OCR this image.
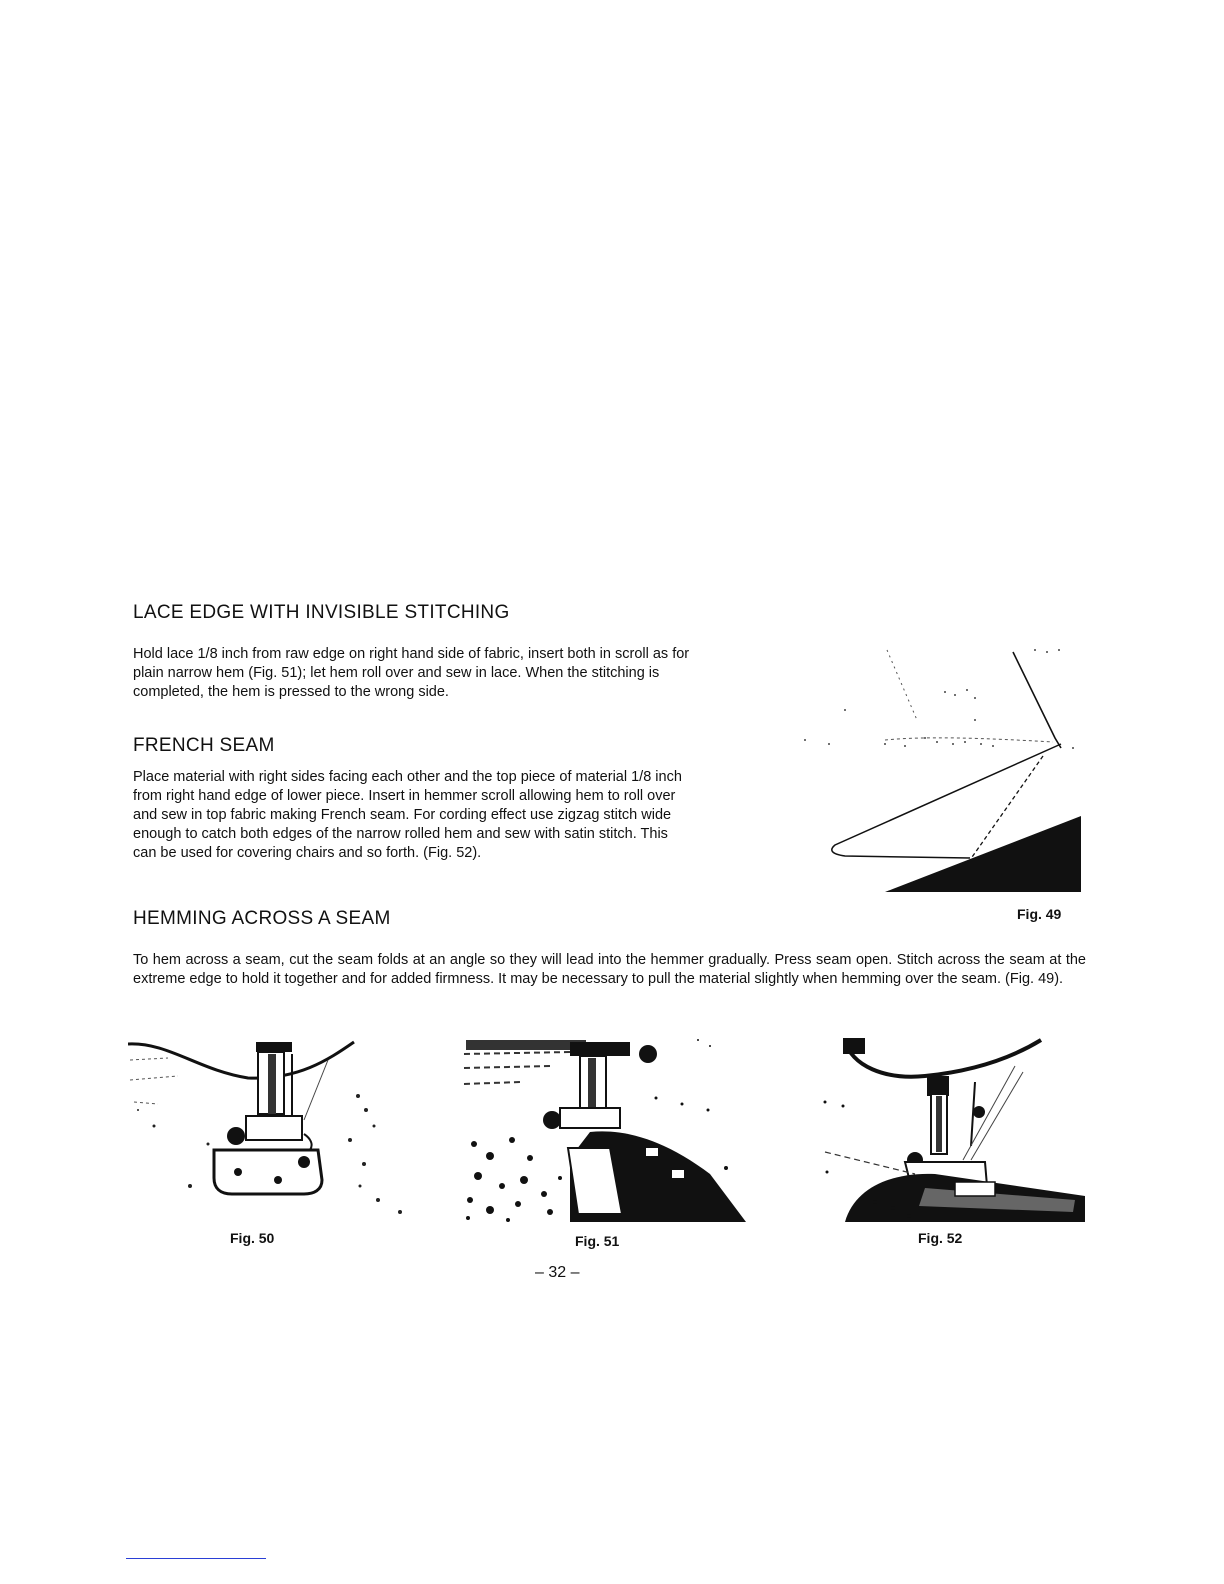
LACE EDGE WITH INVISIBLE STITCHING

Hold lace 1/8 inch from raw edge on right hand side of fabric, insert both in scroll as for plain narrow hem (Fig. 51); let hem roll over and sew in lace. When the stitching is completed, the hem is pressed to the wrong side.

FRENCH SEAM

Place material with right sides facing each other and the top piece of material 1/8 inch from right hand edge of lower piece. Insert in hemmer scroll allowing hem to roll over and sew in top fabric making French seam. For cording effect use zigzag stitch wide enough to catch both edges of the narrow rolled hem and sew with satin stitch. This can be used for covering chairs and so forth. (Fig. 52).

HEMMING ACROSS A SEAM

To hem across a seam, cut the seam folds at an angle so they will lead into the hemmer gradually. Press seam open. Stitch across the seam at the extreme edge to hold it together and for added firmness. It may be necessary to pull the material slightly when hemming over the seam. (Fig. 49).

Fig. 49
Fig. 50	Fig. 51	Fig. 52
– 32 –
